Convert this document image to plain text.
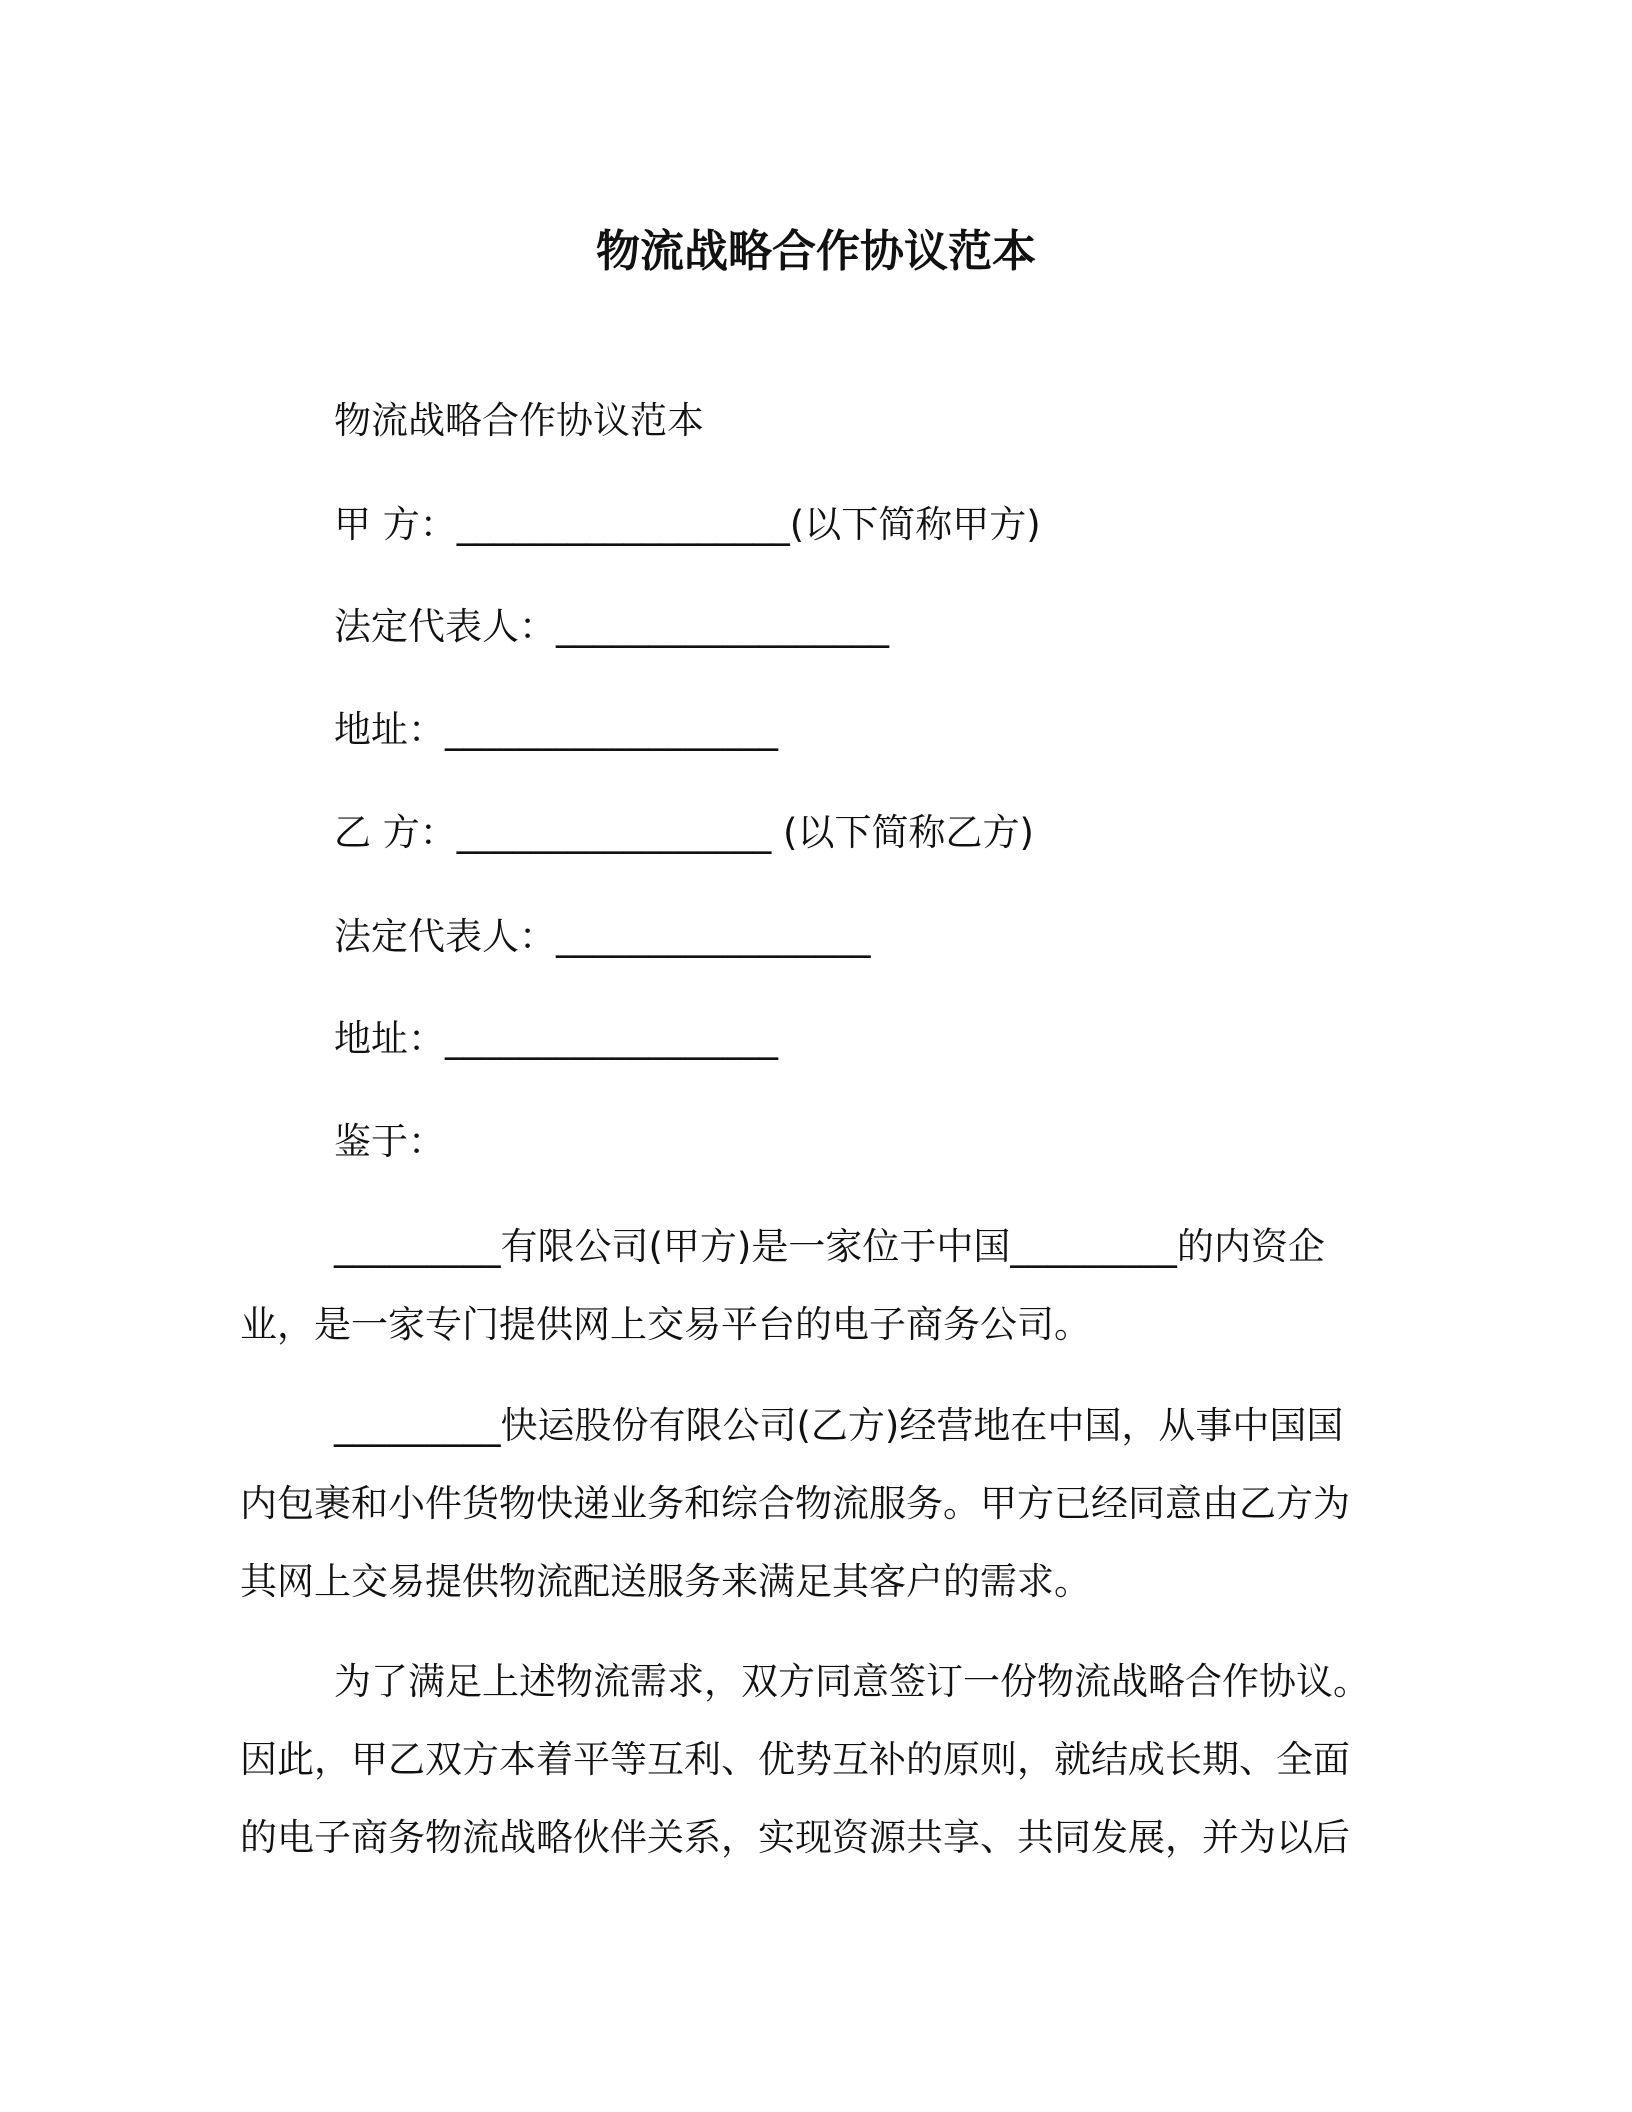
物流战略合作协议范本
物流战略合作协议范本
甲 方：__________________(以下简称甲方)
法定代表人：__________________
地址：__________________
乙 方：_________________ (以下简称乙方)
法定代表人：_________________
地址：__________________
鉴于：
_________有限公司(甲方)是一家位于中国_________的内资企
业，是一家专门提供网上交易平台的电子商务公司。
_________快运股份有限公司(乙方)经营地在中国，从事中国国
内包裹和小件货物快递业务和综合物流服务。甲方已经同意由乙方为
其网上交易提供物流配送服务来满足其客户的需求。
为了满足上述物流需求，双方同意签订一份物流战略合作协议。
因此，甲乙双方本着平等互利、优势互补的原则，就结成长期、全面
的电子商务物流战略伙伴关系，实现资源共享、共同发展，并为以后
